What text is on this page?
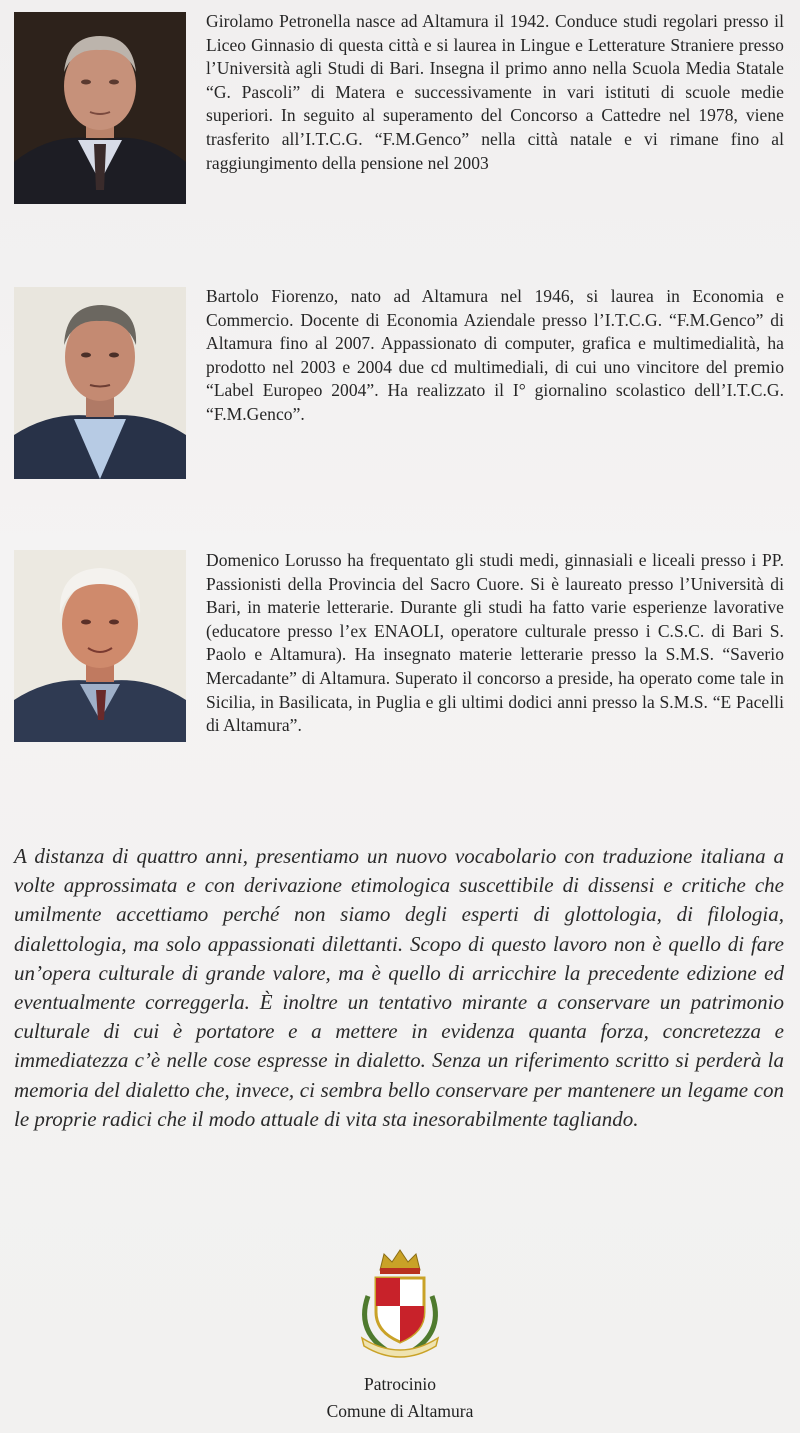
Girolamo Petronella nasce ad Altamura il 1942. Conduce studi regolari presso il Liceo Ginnasio di questa città e si laurea in Lingue e Letterature Straniere presso l’Università agli Studi di Bari. Insegna il primo anno nella Scuola Media Statale “G. Pascoli” di Matera e successivamente in vari istituti di scuole medie superiori. In seguito al superamento del Concorso a Cattedre nel 1978, viene trasferito all’I.T.C.G. “F.M.Genco” nella città natale e vi rimane fino al raggiungimento della pensione nel 2003

Bartolo Fiorenzo, nato ad Altamura nel 1946, si laurea in Economia e Commercio. Docente di Economia Aziendale presso l’I.T.C.G. “F.M.Genco” di Altamura fino al 2007. Appassionato di computer, grafica e multimedialità, ha prodotto nel 2003 e 2004 due cd multimediali, di cui uno vincitore del premio “Label Europeo 2004”. Ha realizzato il I° giornalino scolastico dell’I.T.C.G. “F.M.Genco”.

Domenico Lorusso ha frequentato gli studi medi, ginnasiali e liceali presso i PP. Passionisti della Provincia del Sacro Cuore. Si è laureato presso l’Università di Bari, in materie letterarie. Durante gli studi ha fatto varie esperienze lavorative (educatore presso l’ex ENAOLI, operatore culturale presso i C.S.C. di Bari S. Paolo e Altamura). Ha insegnato materie letterarie presso la S.M.S. “Saverio Mercadante” di Altamura. Superato il concorso a preside, ha operato come tale in Sicilia, in Basilicata, in Puglia e gli ultimi dodici anni presso la S.M.S. “E Pacelli di Altamura”.

A distanza di quattro anni, presentiamo un nuovo vocabolario con traduzione italiana a volte approssimata e con derivazione etimologica suscettibile di dissensi e critiche che umilmente accettiamo perché non siamo degli esperti di glottologia, di filologia, dialettologia, ma solo appassionati dilettanti. Scopo di questo lavoro non è quello di fare un’opera culturale di grande valore, ma è quello di arricchire la precedente edizione ed eventualmente correggerla. È inoltre un tentativo mirante a conservare un patrimonio culturale di cui è portatore e a mettere in evidenza quanta forza, concretezza e immediatezza c’è nelle cose espresse in dialetto. Senza un riferimento scritto si perderà la memoria del dialetto che, invece, ci sembra bello conservare per mantenere un legame con le proprie radici che il modo attuale di vita sta inesorabilmente tagliando.

Patrocinio
Comune di Altamura
